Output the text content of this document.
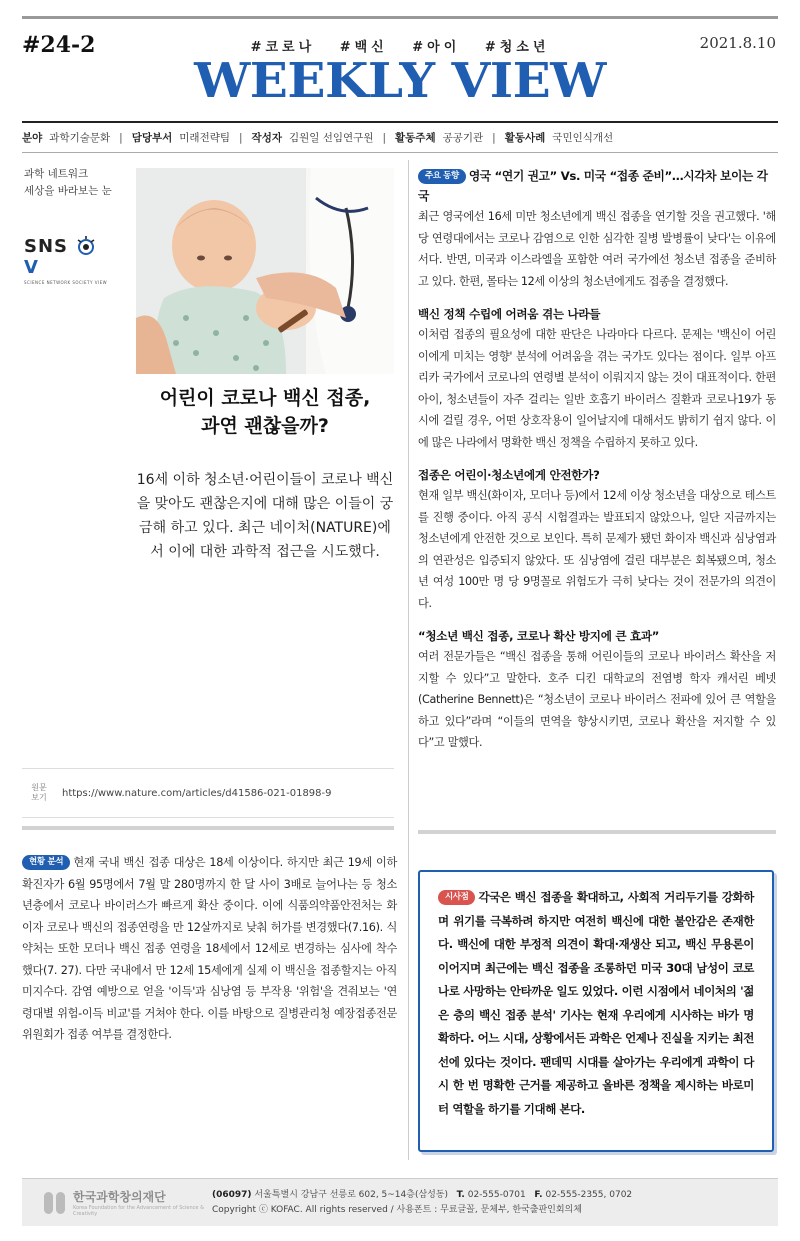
#24-2	#코로나 #백신 #아이 #청소년	2021.8.10
WEEKLY VIEW
분야 과학기술문화 | 담당부서 미래전략팀 | 작성자 김원일 선임연구원 | 활동주체 공공기관 | 활동사례 국민인식개선
과학 네트워크
세상을 바라보는 눈
SNS  V
SCIENCE NETWORK SOCIETY VIEW
어린이 코로나 백신 접종,
과연 괜찮을까?
16세 이하 청소년·어린이들이 코로나 백신을 맞아도 괜찮은지에 대해 많은 이들이 궁금해 하고 있다. 최근 네이처(NATURE)에서 이에 대한 과학적 접근을 시도했다.
원문
보기	https://www.nature.com/articles/d41586-021-01898-9
현황 분석 현재 국내 백신 접종 대상은 18세 이상이다. 하지만 최근 19세 이하 확진자가 6월 95명에서 7월 말 280명까지 한 달 사이 3배로 늘어나는 등 청소년층에서 코로나 바이러스가 빠르게 확산 중이다. 이에 식품의약품안전처는 화이자 코로나 백신의 접종연령을 만 12살까지로 낮춰 허가를 변경했다(7.16). 식약처는 또한 모더나 백신 접종 연령을 18세에서 12세로 변경하는 심사에 착수했다(7. 27). 다만 국내에서 만 12세 15세에게 실제 이 백신을 접종할지는 아직 미지수다. 감염 예방으로 얻을 '이득'과 심낭염 등 부작용 '위험'을 견줘보는 '연령대별 위험-이득 비교'를 거쳐야 한다. 이를 바탕으로 질병관리청 예장접종전문위원회가 접종 여부를 결정한다.
주요 동향 영국 “연기 권고” Vs. 미국 “접종 준비”…시각차 보이는 각국
최근 영국에선 16세 미만 청소년에게 백신 접종을 연기할 것을 권고했다. '해당 연령대에서는 코로나 감염으로 인한 심각한 질병 발병률이 낮다'는 이유에서다. 반면, 미국과 이스라엘을 포함한 여러 국가에선 청소년 접종을 준비하고 있다. 한편, 몰타는 12세 이상의 청소년에게도 접종을 결정했다.
백신 정책 수립에 어려움 겪는 나라들
이처럼 접종의 필요성에 대한 판단은 나라마다 다르다. 문제는 '백신이 어린이에게 미치는 영향' 분석에 어려움을 겪는 국가도 있다는 점이다. 일부 아프리카 국가에서 코로나의 연령별 분석이 이뤄지지 않는 것이 대표적이다. 한편 아이, 청소년들이 자주 걸리는 일반 호흡기 바이러스 질환과 코로나19가 동시에 걸릴 경우, 어떤 상호작용이 일어날지에 대해서도 밝히기 쉽지 않다. 이에 많은 나라에서 명확한 백신 정책을 수립하지 못하고 있다.
접종은 어린이·청소년에게 안전한가?
현재 일부 백신(화이자, 모더나 등)에서 12세 이상 청소년을 대상으로 테스트를 진행 중이다. 아직 공식 시험결과는 발표되지 않았으나, 일단 지금까지는 청소년에게 안전한 것으로 보인다. 특히 문제가 됐던 화이자 백신과 심낭염과의 연관성은 입증되지 않았다. 또 심낭염에 걸린 대부분은 회복됐으며, 청소년 여성 100만 명 당 9명꼴로 위험도가 극히 낮다는 것이 전문가의 의견이다.
“청소년 백신 접종, 코로나 확산 방지에 큰 효과”
여러 전문가들은 “백신 접종을 통해 어린이들의 코로나 바이러스 확산을 저지할 수 있다”고 말한다. 호주 디킨 대학교의 전염병 학자 캐서린 베넷(Catherine Bennett)은 “청소년이 코로나 바이러스 전파에 있어 큰 역할을 하고 있다”라며 “이들의 면역을 향상시키면, 코로나 확산을 저지할 수 있다”고 말했다.

시사점 각국은 백신 접종을 확대하고, 사회적 거리두기를 강화하며 위기를 극복하려 하지만 여전히 백신에 대한 불안감은 존재한다. 백신에 대한 부정적 의견이 확대·재생산 되고, 백신 무용론이 이어지며 최근에는 백신 접종을 조롱하던 미국 30대 남성이 코로나로 사망하는 안타까운 일도 있었다. 이런 시점에서 네이처의 '젊은 층의 백신 접종 분석' 기사는 현재 우리에게 시사하는 바가 명확하다. 어느 시대, 상황에서든 과학은 언제나 진실을 지키는 최전선에 있다는 것이다. 팬데믹 시대를 살아가는 우리에게 과학이 다시 한 번 명확한 근거를 제공하고 올바른 정책을 제시하는 바로미터 역할을 하기를 기대해 본다.

한국과학창의재단
Korea Foundation for the Advancement of Science & Creativity
(06097) 서울특별시 강남구 선릉로 602, 5~14층(삼성동) T. 02-555-0701 F. 02-555-2355, 0702
Copyright ⓒ KOFAC. All rights reserved / 사용폰트 : 무료글꼴, 문체부, 한국출판인회의체
